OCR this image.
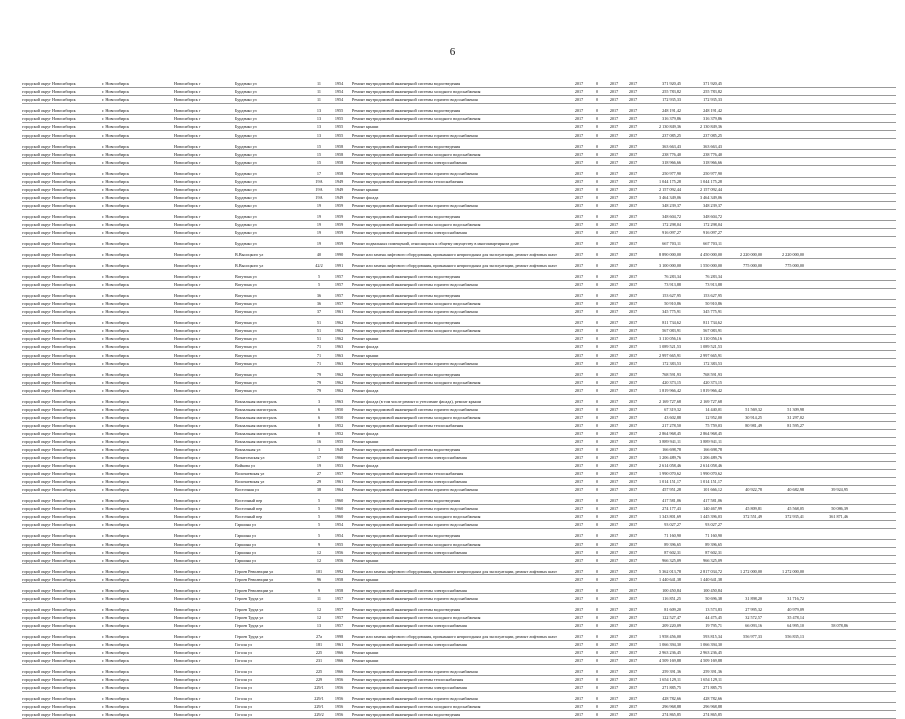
6
городской округ Новосибирск	г. Новосибирск	Новосибирск г	Бурденко ул	11	1954	Ремонт внутридомовой инженерной системы водоотведения	2017	0	2017	2017	371 920,45	371 920,45
городской округ Новосибирск	г. Новосибирск	Новосибирск г	Бурденко ул	11	1954	Ремонт внутридомовой инженерной системы холодного водоснабжения	2017	0	2017	2017	255 783,82	255 783,82
городской округ Новосибирск	г. Новосибирск	Новосибирск г	Бурденко ул	11	1954	Ремонт внутридомовой инженерной системы горячего водоснабжения	2017	0	2017	2017	172 935,33	172 935,33
городской округ Новосибирск	г. Новосибирск	Новосибирск г	Бурденко ул	13	1955	Ремонт внутридомовой инженерной системы водоотведения	2017	0	2017	2017	248 191,42	248 191,42
городской округ Новосибирск	г. Новосибирск	Новосибирск г	Бурденко ул	13	1955	Ремонт внутридомовой инженерной системы холодного водоснабжения	2017	0	2017	2017	316 379,86	316 379,86
городской округ Новосибирск	г. Новосибирск	Новосибирск г	Бурденко ул	13	1955	Ремонт крыши	2017	0	2017	2017	2 130 849,36	2 130 849,36
городской округ Новосибирск	г. Новосибирск	Новосибирск г	Бурденко ул	13	1955	Ремонт внутридомовой инженерной системы горячего водоснабжения	2017	0	2017	2017	237 085,25	237 085,25
городской округ Новосибирск	г. Новосибирск	Новосибирск г	Бурденко ул	15	1958	Ремонт внутридомовой инженерной системы водоотведения	2017	0	2017	2017	363 663,43	363 663,43
городской округ Новосибирск	г. Новосибирск	Новосибирск г	Бурденко ул	15	1958	Ремонт внутридомовой инженерной системы холодного водоснабжения	2017	0	2017	2017	238 776,40	238 776,40
городской округ Новосибирск	г. Новосибирск	Новосибирск г	Бурденко ул	15	1958	Ремонт внутридомовой инженерной системы электроснабжения	2017	0	2017	2017	318 966,66	318 966,66
городской округ Новосибирск	г. Новосибирск	Новосибирск г	Бурденко ул	17	1958	Ремонт внутридомовой инженерной системы горячего водоснабжения	2017	0	2017	2017	250 977,90	250 977,90
городской округ Новосибирск	г. Новосибирск	Новосибирск г	Бурденко ул	19А	1949	Ремонт внутридомовой инженерной системы теплоснабжения	2017	0	2017	2017	1 044 175,28	1 044 175,28
городской округ Новосибирск	г. Новосибирск	Новосибирск г	Бурденко ул	19А	1949	Ремонт крыши	2017	0	2017	2017	2 157 092,44	2 157 092,44
городской округ Новосибирск	г. Новосибирск	Новосибирск г	Бурденко ул	19А	1949	Ремонт фасада	2017	0	2017	2017	3 464 349,06	3 464 349,06
городской округ Новосибирск	г. Новосибирск	Новосибирск г	Бурденко ул	19	1959	Ремонт внутридомовой инженерной системы горячего водоснабжения	2017	0	2017	2017	348 239,37	348 239,37
городской округ Новосибирск	г. Новосибирск	Новосибирск г	Бурденко ул	19	1959	Ремонт внутридомовой инженерной системы водоотведения	2017	0	2017	2017	348 604,72	348 604,72
городской округ Новосибирск	г. Новосибирск	Новосибирск г	Бурденко ул	19	1959	Ремонт внутридомовой инженерной системы холодного водоснабжения	2017	0	2017	2017	172 298,04	172 298,04
городской округ Новосибирск	г. Новосибирск	Новосибирск г	Бурденко ул	19	1959	Ремонт внутридомовой инженерной системы электроснабжения	2017	0	2017	2017	916 097,27	916 097,27
городской округ Новосибирск	г. Новосибирск	Новосибирск г	Бурденко ул	19	1959	Ремонт подвальных помещений, относящихся к общему имуществу в многоквартирном доме	2017	0	2017	2017	667 703,11	667 703,11
городской округ Новосибирск	г. Новосибирск	Новосибирск г	В.Высоцкого ул	40	1990	Ремонт или замена лифтового оборудования, признанного непригодным для эксплуатации, ремонт лифтовых шахт	2017	0	2017	2017	8 890 000,00	4 450 000,00	2 220 000,00	2 220 000,00
городской округ Новосибирск	г. Новосибирск	Новосибирск г	В.Высоцкого ул	42/2	1991	Ремонт или замена лифтового оборудования, признанного непригодным для эксплуатации, ремонт лифтовых шахт	2017	0	2017	2017	3 100 000,00	1 550 000,00	775 000,00	775 000,00
городской округ Новосибирск	г. Новосибирск	Новосибирск г	Ватутина ул	5	1957	Ремонт внутридомовой инженерной системы водоотведения	2017	0	2017	2017	76 283,34	76 283,34
городской округ Новосибирск	г. Новосибирск	Новосибирск г	Ватутина ул	5	1957	Ремонт внутридомовой инженерной системы горячего водоснабжения	2017	0	2017	2017	73 913,88	73 913,88
городской округ Новосибирск	г. Новосибирск	Новосибирск г	Ватутина ул	36	1957	Ремонт внутридомовой инженерной системы водоотведения	2017	0	2017	2017	153 627,95	153 627,95
городской округ Новосибирск	г. Новосибирск	Новосибирск г	Ватутина ул	36	1957	Ремонт внутридомовой инженерной системы холодного водоснабжения	2017	0	2017	2017	50 910,86	50 910,86
городской округ Новосибирск	г. Новосибирск	Новосибирск г	Ватутина ул	37	1961	Ремонт внутридомовой инженерной системы горячего водоснабжения	2017	0	2017	2017	345 775,91	345 775,91
городской округ Новосибирск	г. Новосибирск	Новосибирск г	Ватутина ул	51	1962	Ремонт внутридомовой инженерной системы водоотведения	2017	0	2017	2017	811 734,62	811 734,62
городской округ Новосибирск	г. Новосибирск	Новосибирск г	Ватутина ул	51	1962	Ремонт внутридомовой инженерной системы холодного водоснабжения	2017	0	2017	2017	567 083,91	567 083,91
городской округ Новосибирск	г. Новосибирск	Новосибирск г	Ватутина ул	51	1962	Ремонт крыши	2017	0	2017	2017	3 110 056,16	3 110 056,16
городской округ Новосибирск	г. Новосибирск	Новосибирск г	Ватутина ул	71	1963	Ремонт фасада	2017	0	2017	2017	1 089 521,53	1 089 521,53
городской округ Новосибирск	г. Новосибирск	Новосибирск г	Ватутина ул	71	1963	Ремонт крыши	2017	0	2017	2017	2 997 665,91	2 997 665,91
городской округ Новосибирск	г. Новосибирск	Новосибирск г	Ватутина ул	71	1963	Ремонт внутридомовой инженерной системы горячего водоснабжения	2017	0	2017	2017	172 383,53	172 383,53
городской округ Новосибирск	г. Новосибирск	Новосибирск г	Ватутина ул	79	1962	Ремонт внутридомовой инженерной системы водоотведения	2017	0	2017	2017	768 591,93	768 591,93
городской округ Новосибирск	г. Новосибирск	Новосибирск г	Ватутина ул	79	1962	Ремонт внутридомовой инженерной системы холодного водоснабжения	2017	0	2017	2017	420 373,15	420 373,15
городской округ Новосибирск	г. Новосибирск	Новосибирск г	Ватутина ул	79	1962	Ремонт фасада	2017	0	2017	2017	1 819 966,42	1 819 966,42
городской округ Новосибирск	г. Новосибирск	Новосибирск г	Вокзальная магистраль	3	1963	Ремонт фасада (в том числе ремонт и утепление фасада), ремонт крыши	2017	0	2017	2017	2 169 727,68	2 169 727,68
городской округ Новосибирск	г. Новосибирск	Новосибирск г	Вокзальная магистраль	6	1950	Ремонт внутридомовой инженерной системы горячего водоснабжения	2017	0	2017	2017	67 319,32	14 440,01	51 569,32	51 309,98
городской округ Новосибирск	г. Новосибирск	Новосибирск г	Вокзальная магистраль	6	1950	Ремонт внутридомовой инженерной системы холодного водоснабжения	2017	0	2017	2017	43 602,88	12 952,00	30 914,25	31 297,02
городской округ Новосибирск	г. Новосибирск	Новосибирск г	Вокзальная магистраль	8	1952	Ремонт внутридомовой инженерной системы теплоснабжения	2017	0	2017	2017	217 278,50	75 759,03	80 981,49	81 595,27
городской округ Новосибирск	г. Новосибирск	Новосибирск г	Вокзальная магистраль	8	1952	Ремонт фасада	2017	0	2017	2017	2 864 968,45	2 864 968,45
городской округ Новосибирск	г. Новосибирск	Новосибирск г	Вокзальная магистраль	16	1955	Ремонт крыши	2017	0	2017	2017	3 889 941,11	3 889 941,11
городской округ Новосибирск	г. Новосибирск	Новосибирск г	Вокзальная ул	1	1948	Ремонт внутридомовой инженерной системы водоотведения	2017	0	2017	2017	166 698,78	166 698,78
городской округ Новосибирск	г. Новосибирск	Новосибирск г	Вознесенская ул	17	1960	Ремонт внутридомовой инженерной системы электроснабжения	2017	0	2017	2017	1 206 489,76	1 206 489,76
городской округ Новосибирск	г. Новосибирск	Новосибирск г	Войкова ул	19	1953	Ремонт фасада	2017	0	2017	2017	2 614 058,46	2 614 058,46
городской округ Новосибирск	г. Новосибирск	Новосибирск г	Волочаевская ул	27	1957	Ремонт внутридомовой инженерной системы теплоснабжения	2017	0	2017	2017	1 990 070,62	1 990 070,62
городской округ Новосибирск	г. Новосибирск	Новосибирск г	Волочаевская ул	29	1961	Ремонт внутридомовой инженерной системы электроснабжения	2017	0	2017	2017	1 014 151,17	1 014 151,17
городской округ Новосибирск	г. Новосибирск	Новосибирск г	Восточная ул	38	1964	Ремонт внутридомовой инженерной системы горячего водоснабжения	2017	0	2017	2017	457 951,28	101 666,12	40 922,78	40 682,98	39 924,95
городской округ Новосибирск	г. Новосибирск	Новосибирск г	Восточный пер	5	1960	Ремонт внутридомовой инженерной системы водоотведения	2017	0	2017	2017	417 581,06	417 581,06
городской округ Новосибирск	г. Новосибирск	Новосибирск г	Восточный пер	5	1960	Ремонт внутридомовой инженерной системы горячего водоснабжения	2017	0	2017	2017	274 177,43	140 467,99	45 809,81	45 568,05	50 086,39
городской округ Новосибирск	г. Новосибирск	Новосибирск г	Восточный пер	5	1960	Ремонт внутридомовой инженерной системы холодного водоснабжения	2017	0	2017	2017	1 343 801,69	1 445 396,03	372 551,49	372 935,41	361 871,46
городской округ Новосибирск	г. Новосибирск	Новосибирск г	Гаршина ул	5	1954	Ремонт внутридомовой инженерной системы горячего водоснабжения	2017	0	2017	2017	93 027,27	93 027,27
городской округ Новосибирск	г. Новосибирск	Новосибирск г	Гаршина ул	5	1954	Ремонт внутридомовой инженерной системы водоотведения	2017	0	2017	2017	71 160,90	71 160,90
городской округ Новосибирск	г. Новосибирск	Новосибирск г	Гаршина ул	9	1955	Ремонт внутридомовой инженерной системы холодного водоснабжения	2017	0	2017	2017	89 396,65	89 396,65
городской округ Новосибирск	г. Новосибирск	Новосибирск г	Гаршина ул	12	1956	Ремонт внутридомовой инженерной системы электроснабжения	2017	0	2017	2017	87 602,31	87 602,31
городской округ Новосибирск	г. Новосибирск	Новосибирск г	Гаршина ул	12	1956	Ремонт крыши	2017	0	2017	2017	966 325,09	966 325,09
городской округ Новосибирск	г. Новосибирск	Новосибирск г	Героев Революции ул	101	1992	Ремонт или замена лифтового оборудования, признанного непригодным для эксплуатации, ремонт лифтовых шахт	2017	0	2017	2017	5 362 013,78	2 817 034,72	1 272 000,00	1 272 000,00
городской округ Новосибирск	г. Новосибирск	Новосибирск г	Героев Революции ул	96	1958	Ремонт крыши	2017	0	2017	2017	1 440 641,38	1 440 641,38
городской округ Новосибирск	г. Новосибирск	Новосибирск г	Героев Революции ул	9	1958	Ремонт внутридомовой инженерной системы электроснабжения	2017	0	2017	2017	100 450,84	100 450,84
городской округ Новосибирск	г. Новосибирск	Новосибирск г	Героев Труда ул	11	1957	Ремонт внутридомовой инженерной системы горячего водоснабжения	2017	0	2017	2017	116 851,25	50 696,38	31 898,20	31 716,72
городской округ Новосибирск	г. Новосибирск	Новосибирск г	Героев Труда ул	12	1957	Ремонт внутридомовой инженерной системы водоотведения	2017	0	2017	2017	81 609,20	13 573,83	27 995,32	40 979,09
городской округ Новосибирск	г. Новосибирск	Новосибирск г	Героев Труда ул	12	1957	Ремонт внутридомовой инженерной системы холодного водоснабжения	2017	0	2017	2017	122 527,47	44 475,45	32 572,57	35 478,14
городской округ Новосибирск	г. Новосибирск	Новосибирск г	Героев Труда ул	13	1957	Ремонт внутридомовой инженерной системы электроснабжения	2017	0	2017	2017	209 220,09	19 795,71	66 093,16	64 995,10	58 078,86
городской округ Новосибирск	г. Новосибирск	Новосибирск г	Героев Труда ул	27а	1998	Ремонт или замена лифтового оборудования, признанного непригодным для эксплуатации, ремонт лифтовых шахт	2017	0	2017	2017	1 958 456,00	593 815,34	556 977,33	556 835,13
городской округ Новосибирск	г. Новосибирск	Новосибирск г	Гоголя ул	181	1961	Ремонт внутридомовой инженерной системы электроснабжения	2017	0	2017	2017	1 066 394,30	1 066 394,30
городской округ Новосибирск	г. Новосибирск	Новосибирск г	Гоголя ул	225	1966	Ремонт крыши	2017	0	2017	2017	2 963 236,45	2 963 236,45
городской округ Новосибирск	г. Новосибирск	Новосибирск г	Гоголя ул	231	1966	Ремонт крыши	2017	0	2017	2017	4 509 169,88	4 509 169,88
городской округ Новосибирск	г. Новосибирск	Новосибирск г	Гоголя ул	225	1966	Ремонт внутридомовой инженерной системы горячего водоснабжения	2017	0	2017	2017	259 391,36	259 391,36
городской округ Новосибирск	г. Новосибирск	Новосибирск г	Гоголя ул	229	1956	Ремонт внутридомовой инженерной системы теплоснабжения	2017	0	2017	2017	1 654 129,11	1 654 129,11
городской округ Новосибирск	г. Новосибирск	Новосибирск г	Гоголя ул	229/1	1956	Ремонт внутридомовой инженерной системы электроснабжения	2017	0	2017	2017	271 885,75	271 885,75
городской округ Новосибирск	г. Новосибирск	Новосибирск г	Гоголя ул	229/1	1956	Ремонт внутридомовой инженерной системы горячего водоснабжения	2017	0	2017	2017	428 782,66	428 782,66
городской округ Новосибирск	г. Новосибирск	Новосибирск г	Гоголя ул	229/1	1956	Ремонт внутридомовой инженерной системы холодного водоснабжения	2017	0	2017	2017	296 968,88	296 968,88
городской округ Новосибирск	г. Новосибирск	Новосибирск г	Гоголя ул	229/2	1956	Ремонт внутридомовой инженерной системы водоотведения	2017	0	2017	2017	274 865,85	274 865,85
